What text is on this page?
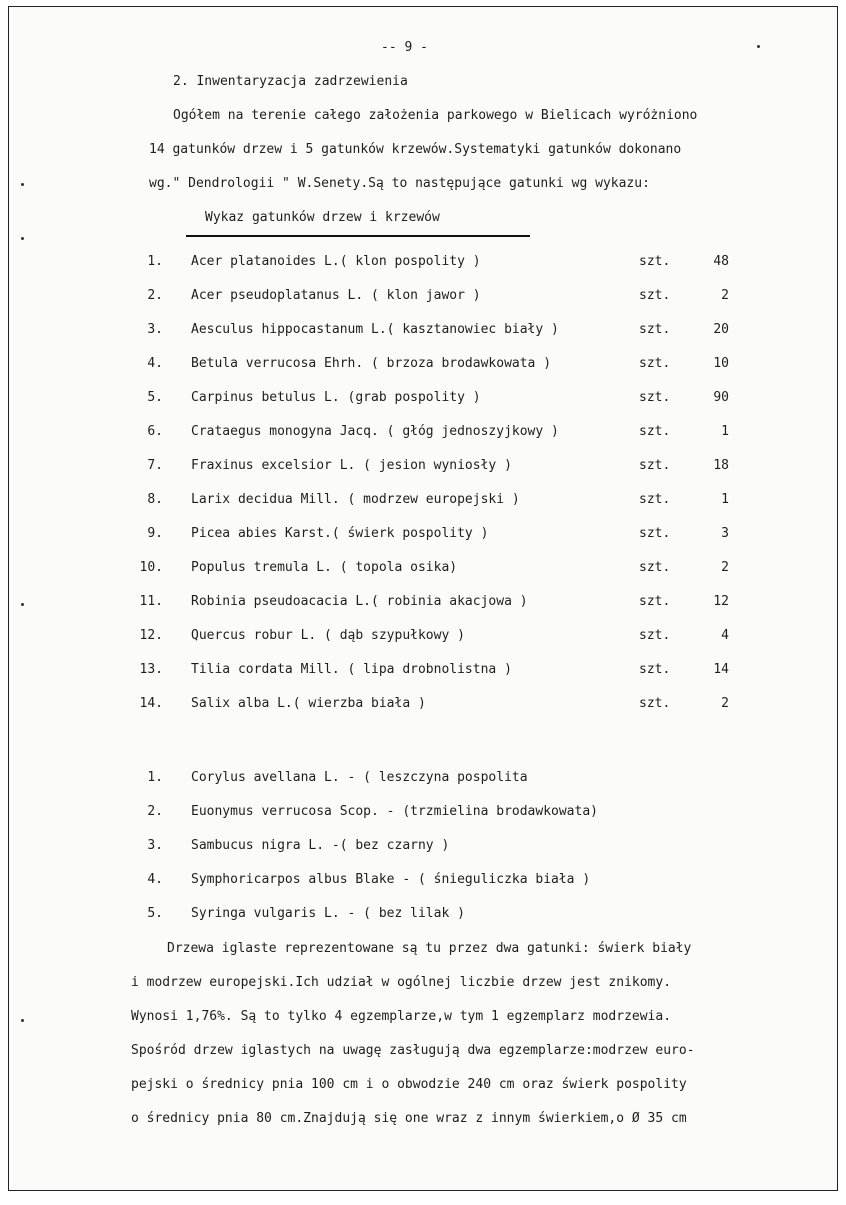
-- 9 -
2. Inwentaryzacja zadrzewienia
Ogółem na terenie całego założenia parkowego w Bielicach wyróżniono
14 gatunków drzew i 5 gatunków krzewów.Systematyki gatunków dokonano
wg." Dendrologii " W.Senety.Są to następujące gatunki wg wykazu:
Wykaz gatunków drzew i krzewów
1. Acer platanoides L.( klon pospolity )	szt.	48
2. Acer pseudoplatanus L. ( klon jawor )	szt.	2
3. Aesculus hippocastanum L.( kasztanowiec biały )	szt.	20
4. Betula verrucosa Ehrh. ( brzoza brodawkowata )	szt.	10
5. Carpinus betulus L. (grab pospolity )	szt.	90
6. Crataegus monogyna Jacq. ( głóg jednoszyjkowy )	szt.	1
7. Fraxinus excelsior L. ( jesion wyniosły )	szt.	18
8. Larix decidua Mill. ( modrzew europejski )	szt.	1
9. Picea abies Karst.( świerk pospolity )	szt.	3
10. Populus tremula L. ( topola osika)	szt.	2
11. Robinia pseudoacacia L.( robinia akacjowa )	szt.	12
12. Quercus robur L. ( dąb szypułkowy )	szt.	4
13. Tilia cordata Mill. ( lipa drobnolistna )	szt.	14
14. Salix alba L.( wierzba biała )	szt.	2
1. Corylus avellana L. - ( leszczyna pospolita
2. Euonymus verrucosa Scop. - (trzmielina brodawkowata)
3. Sambucus nigra L. -( bez czarny )
4. Symphoricarpos albus Blake - ( śnieguliczka biała )
5. Syringa vulgaris L. - ( bez lilak )
Drzewa iglaste reprezentowane są tu przez dwa gatunki: świerk biały
i modrzew europejski.Ich udział w ogólnej liczbie drzew jest znikomy.
Wynosi 1,76%. Są to tylko 4 egzemplarze,w tym 1 egzemplarz modrzewia.
Spośród drzew iglastych na uwagę zasługują dwa egzemplarze:modrzew euro-
pejski o średnicy pnia 100 cm i o obwodzie 240 cm oraz świerk pospolity
o średnicy pnia 80 cm.Znajdują się one wraz z innym świerkiem,o Ø 35 cm
